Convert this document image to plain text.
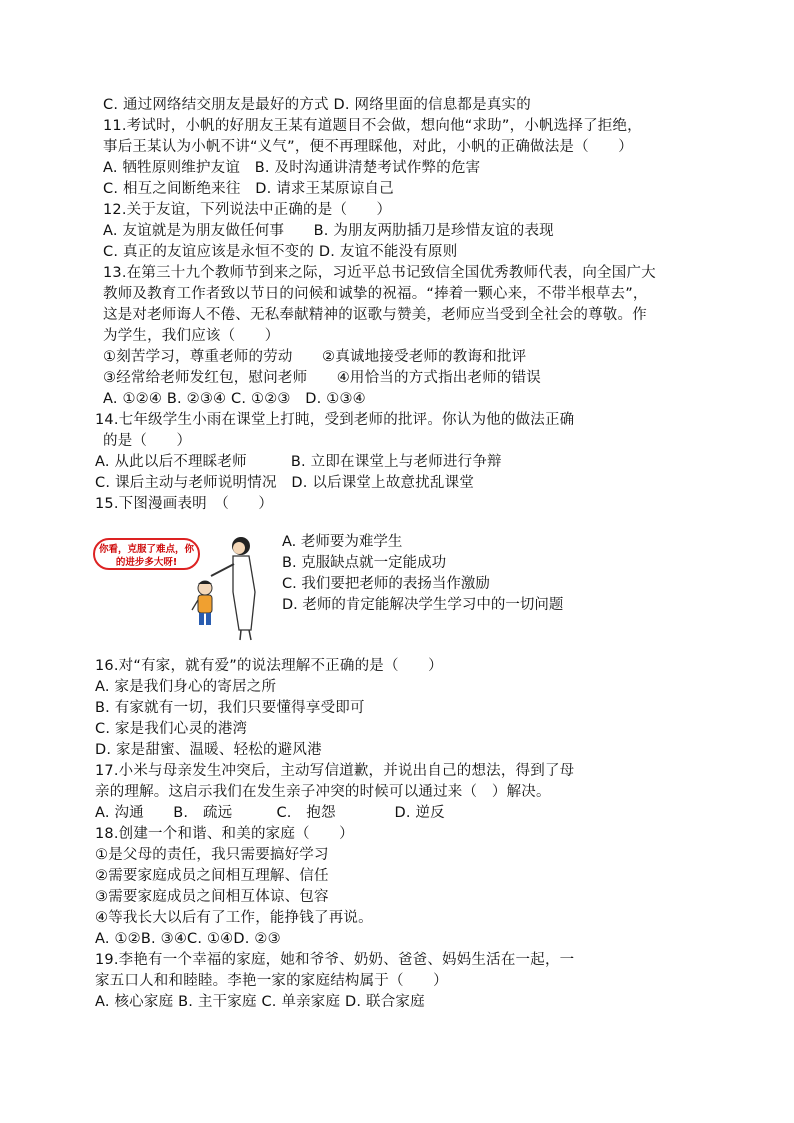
C. 通过网络结交朋友是最好的方式 D. 网络里面的信息都是真实的
11.考试时，小帆的好朋友王某有道题目不会做，想向他“求助”，小帆选择了拒绝，
事后王某认为小帆不讲“义气”，便不再理睬他，对此，小帆的正确做法是（　　）
A. 牺牲原则维护友谊　B. 及时沟通讲清楚考试作弊的危害
C. 相互之间断绝来往　D. 请求王某原谅自己
12.关于友谊，下列说法中正确的是（　　）
A. 友谊就是为朋友做任何事　　B. 为朋友两肋插刀是珍惜友谊的表现
C. 真正的友谊应该是永恒不变的 D. 友谊不能没有原则
13.在第三十九个教师节到来之际，习近平总书记致信全国优秀教师代表，向全国广大
教师及教育工作者致以节日的问候和诚挚的祝福。“捧着一颗心来，不带半根草去”，
这是对老师诲人不倦、无私奉献精神的讴歌与赞美，老师应当受到全社会的尊敬。作
为学生，我们应该（　　）
①刻苦学习，尊重老师的劳动　　②真诚地接受老师的教诲和批评
③经常给老师发红包，慰问老师　　④用恰当的方式指出老师的错误
A. ①②④ B. ②③④ C. ①②③　D. ①③④
14.七年级学生小雨在课堂上打盹，受到老师的批评。你认为他的做法正确
的是（　　）
A. 从此以后不理睬老师　　　B. 立即在课堂上与老师进行争辩
C. 课后主动与老师说明情况　D. 以后课堂上故意扰乱课堂
15.下图漫画表明　（　　）
你看，克服了难点，你的进步多大呀!
A. 老师要为难学生
B. 克服缺点就一定能成功
C. 我们要把老师的表扬当作激励
D. 老师的肯定能解决学生学习中的一切问题
16.对“有家，就有爱”的说法理解不正确的是（　　）
A. 家是我们身心的寄居之所
B. 有家就有一切，我们只要懂得享受即可
C. 家是我们心灵的港湾
D. 家是甜蜜、温暖、轻松的避风港
17.小米与母亲发生冲突后，主动写信道歉，并说出自己的想法，得到了母
亲的理解。这启示我们在发生亲子冲突的时候可以通过来（　）解决。
A. 沟通　　B.　疏远　　　C.　抱怨　　　　D. 逆反
18.创建一个和谐、和美的家庭（　　）
①是父母的责任，我只需要搞好学习
②需要家庭成员之间相互理解、信任
③需要家庭成员之间相互体谅、包容
④等我长大以后有了工作，能挣钱了再说。
A. ①②B. ③④C. ①④D. ②③
19.李艳有一个幸福的家庭，她和爷爷、奶奶、爸爸、妈妈生活在一起，一
家五口人和和睦睦。李艳一家的家庭结构属于（　　）
A. 核心家庭 B. 主干家庭 C. 单亲家庭 D. 联合家庭
